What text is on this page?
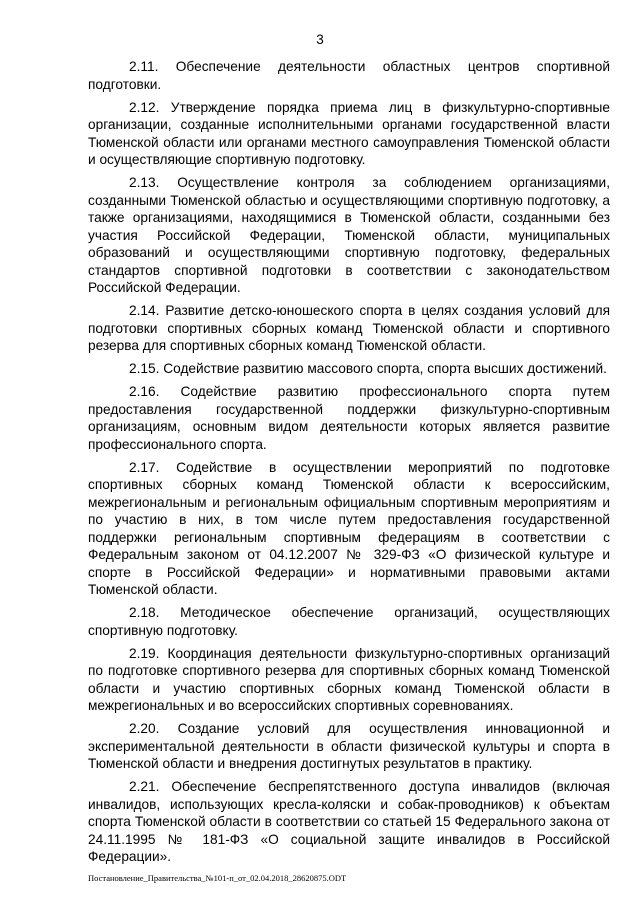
3

2.11. Обеспечение деятельности областных центров спортивной подготовки.

2.12. Утверждение порядка приема лиц в физкультурно-спортивные организации, созданные исполнительными органами государственной власти Тюменской области или органами местного самоуправления Тюменской области и осуществляющие спортивную подготовку.

2.13. Осуществление контроля за соблюдением организациями, созданными Тюменской областью и осуществляющими спортивную подготовку, а также организациями, находящимися в Тюменской области, созданными без участия Российской Федерации, Тюменской области, муниципальных образований и осуществляющими спортивную подготовку, федеральных стандартов спортивной подготовки в соответствии с законодательством Российской Федерации.

2.14. Развитие детско-юношеского спорта в целях создания условий для подготовки спортивных сборных команд Тюменской области и спортивного резерва для спортивных сборных команд Тюменской области.

2.15. Содействие развитию массового спорта, спорта высших достижений.

2.16. Содействие развитию профессионального спорта путем предоставления государственной поддержки физкультурно-спортивным организациям, основным видом деятельности которых является развитие профессионального спорта.

2.17. Содействие в осуществлении мероприятий по подготовке спортивных сборных команд Тюменской области к всероссийским, межрегиональным и региональным официальным спортивным мероприятиям и по участию в них, в том числе путем предоставления государственной поддержки региональным спортивным федерациям в соответствии с Федеральным законом от 04.12.2007 № 329-ФЗ «О физической культуре и спорте в Российской Федерации» и нормативными правовыми актами Тюменской области.

2.18. Методическое обеспечение организаций, осуществляющих спортивную подготовку.

2.19. Координация деятельности физкультурно-спортивных организаций по подготовке спортивного резерва для спортивных сборных команд Тюменской области и участию спортивных сборных команд Тюменской области в межрегиональных и во всероссийских спортивных соревнованиях.

2.20. Создание условий для осуществления инновационной и экспериментальной деятельности в области физической культуры и спорта в Тюменской области и внедрения достигнутых результатов в практику.

2.21. Обеспечение беспрепятственного доступа инвалидов (включая инвалидов, использующих кресла-коляски и собак-проводников) к объектам спорта Тюменской области в соответствии со статьей 15 Федерального закона от 24.11.1995 № 181-ФЗ «О социальной защите инвалидов в Российской Федерации».

Постановление_Правительства_№101-п_от_02.04.2018_28620875.ODT
